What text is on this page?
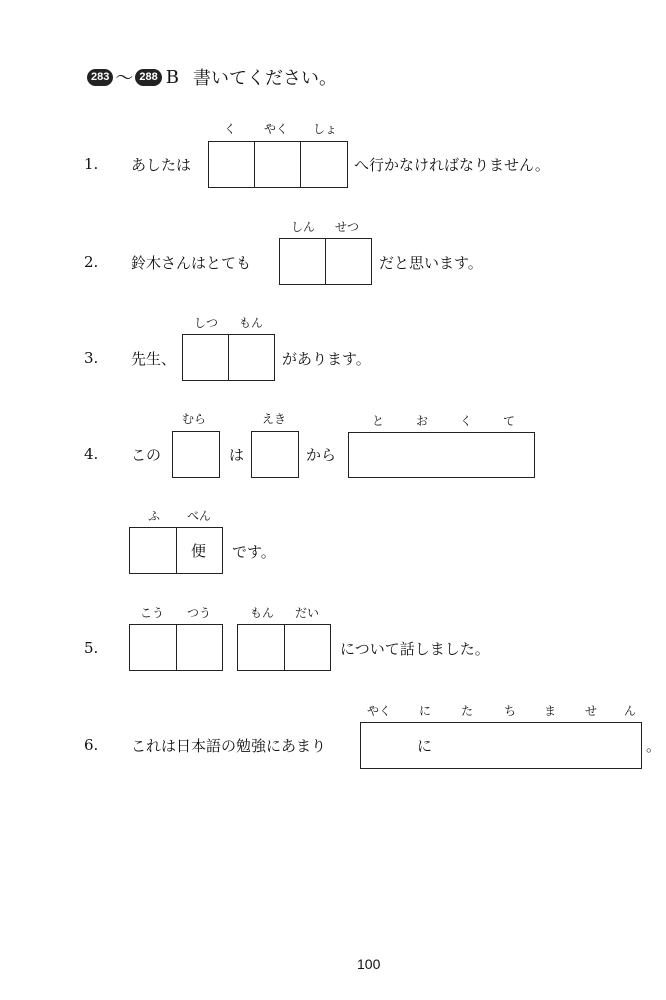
283 ～ 288 B 書いてください。
1. あしたは
く やく しょ
へ行かなければなりません。
2. 鈴木さんはとても
しん せつ
だと思います。
3. 先生、
しつ もん
があります。
4. この
むら
は
えき
から
と	お	く	て
ふ べん
便 です。
5.
こう つう	もん だい
について話しました。
6. これは日本語の勉強にあまり
やく に た	ち ま せ ん
に	。
100
